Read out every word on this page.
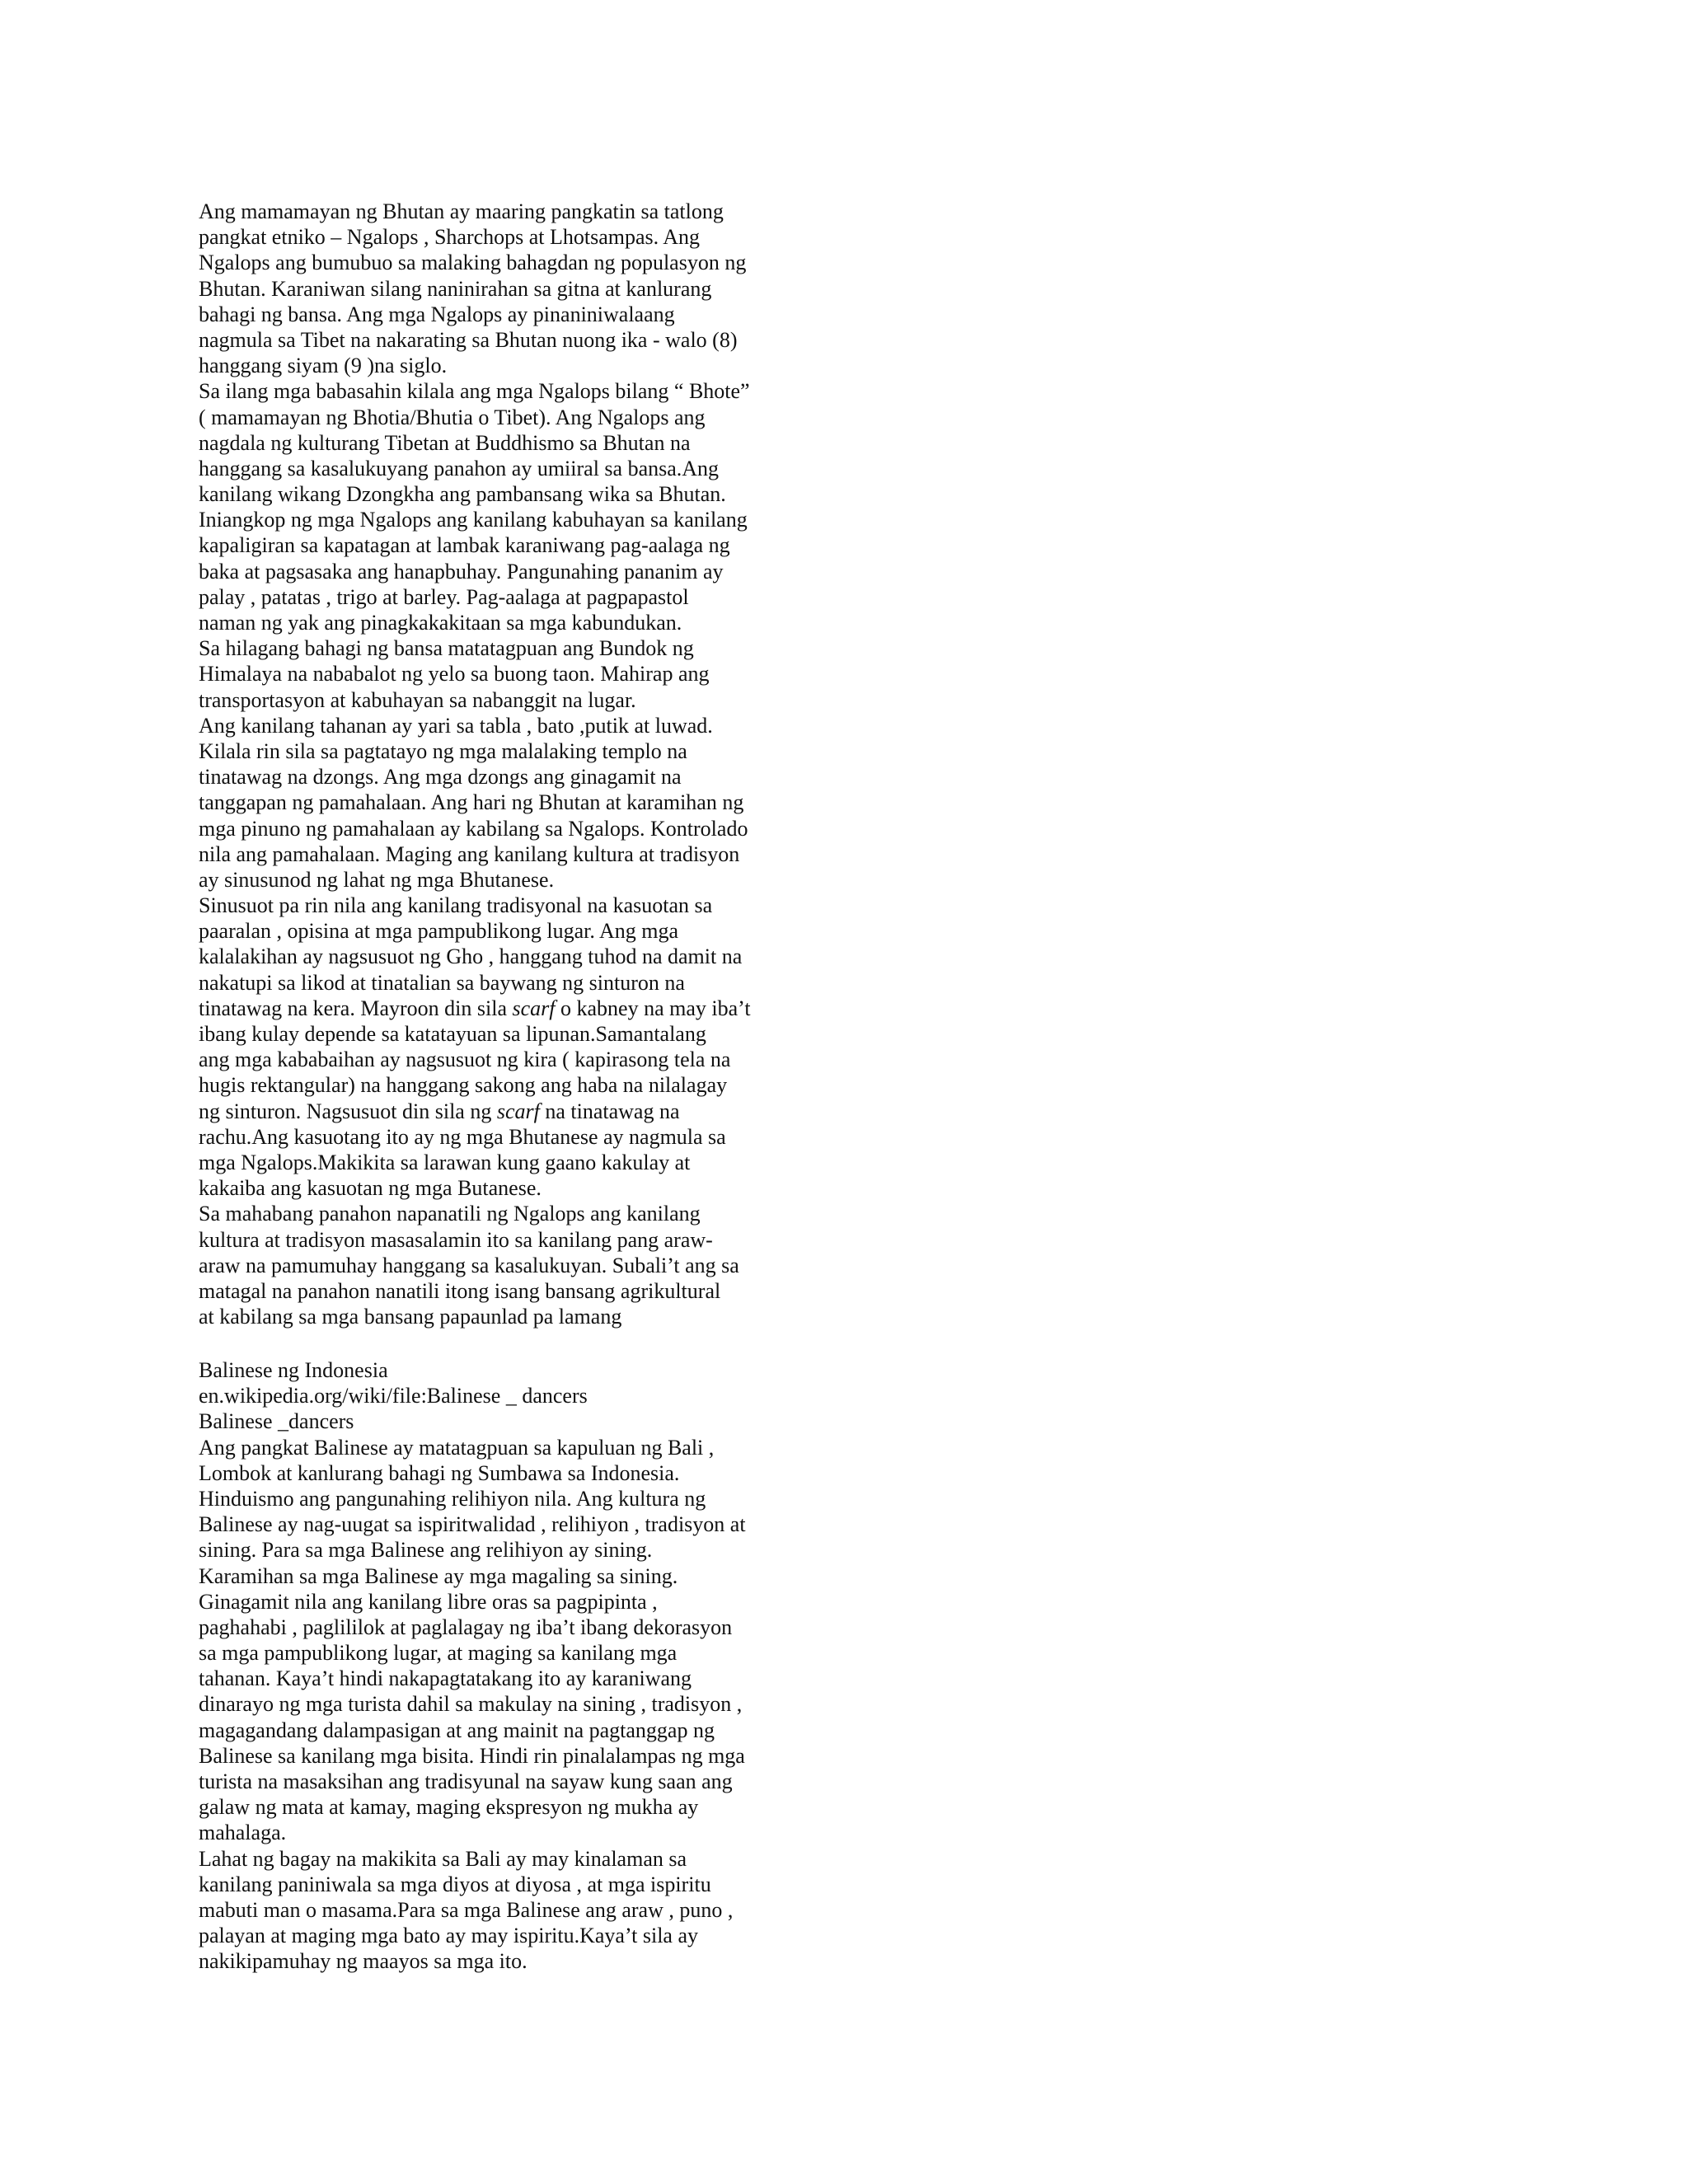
Ang mamamayan ng Bhutan ay maaring pangkatin sa tatlong
pangkat etniko – Ngalops , Sharchops at Lhotsampas. Ang
Ngalops ang bumubuo sa malaking bahagdan ng populasyon ng
Bhutan. Karaniwan silang naninirahan sa gitna at kanlurang
bahagi ng bansa. Ang mga Ngalops ay pinaniniwalaang
nagmula sa Tibet na nakarating sa Bhutan nuong ika - walo (8)
hanggang siyam (9 )na siglo.
Sa ilang mga babasahin kilala ang mga Ngalops bilang “ Bhote”
( mamamayan ng Bhotia/Bhutia o Tibet). Ang Ngalops ang
nagdala ng kulturang Tibetan at Buddhismo sa Bhutan na
hanggang sa kasalukuyang panahon ay umiiral sa bansa.Ang
kanilang wikang Dzongkha ang pambansang wika sa Bhutan.
Iniangkop ng mga Ngalops ang kanilang kabuhayan sa kanilang
kapaligiran sa kapatagan at lambak karaniwang pag-aalaga ng
baka at pagsasaka ang hanapbuhay. Pangunahing pananim ay
palay , patatas , trigo at barley. Pag-aalaga at pagpapastol
naman ng yak ang pinagkakakitaan sa mga kabundukan.
Sa hilagang bahagi ng bansa matatagpuan ang Bundok ng
Himalaya na nababalot ng yelo sa buong taon. Mahirap ang
transportasyon at kabuhayan sa nabanggit na lugar.
Ang kanilang tahanan ay yari sa tabla , bato ,putik at luwad.
Kilala rin sila sa pagtatayo ng mga malalaking templo na
tinatawag na dzongs. Ang mga dzongs ang ginagamit na
tanggapan ng pamahalaan. Ang hari ng Bhutan at karamihan ng
mga pinuno ng pamahalaan ay kabilang sa Ngalops. Kontrolado
nila ang pamahalaan. Maging ang kanilang kultura at tradisyon
ay sinusunod ng lahat ng mga Bhutanese.
Sinusuot pa rin nila ang kanilang tradisyonal na kasuotan sa
paaralan , opisina at mga pampublikong lugar. Ang mga
kalalakihan ay nagsusuot ng Gho , hanggang tuhod na damit na
nakatupi sa likod at tinatalian sa baywang ng sinturon na
tinatawag na kera. Mayroon din sila scarf o kabney na may iba’t
ibang kulay depende sa katatayuan sa lipunan.Samantalang
ang mga kababaihan ay nagsusuot ng kira ( kapirasong tela na
hugis rektangular) na hanggang sakong ang haba na nilalagay
ng sinturon. Nagsusuot din sila ng scarf na tinatawag na
rachu.Ang kasuotang ito ay ng mga Bhutanese ay nagmula sa
mga Ngalops.Makikita sa larawan kung gaano kakulay at
kakaiba ang kasuotan ng mga Butanese.
Sa mahabang panahon napanatili ng Ngalops ang kanilang
kultura at tradisyon masasalamin ito sa kanilang pang araw-
araw na pamumuhay hanggang sa kasalukuyan. Subali’t ang sa
matagal na panahon nanatili itong isang bansang agrikultural
at kabilang sa mga bansang papaunlad pa lamang
Balinese ng Indonesia
en.wikipedia.org/wiki/file:Balinese _ dancers
Balinese _dancers
Ang pangkat Balinese ay matatagpuan sa kapuluan ng Bali ,
Lombok at kanlurang bahagi ng Sumbawa sa Indonesia.
Hinduismo ang pangunahing relihiyon nila. Ang kultura ng
Balinese ay nag-uugat sa ispiritwalidad , relihiyon , tradisyon at
sining. Para sa mga Balinese ang relihiyon ay sining.
Karamihan sa mga Balinese ay mga magaling sa sining.
Ginagamit nila ang kanilang libre oras sa pagpipinta ,
paghahabi , paglililok at paglalagay ng iba’t ibang dekorasyon
sa mga pampublikong lugar, at maging sa kanilang mga
tahanan. Kaya’t hindi nakapagtatakang ito ay karaniwang
dinarayo ng mga turista dahil sa makulay na sining , tradisyon ,
magagandang dalampasigan at ang mainit na pagtanggap ng
Balinese sa kanilang mga bisita. Hindi rin pinalalampas ng mga
turista na masaksihan ang tradisyunal na sayaw kung saan ang
galaw ng mata at kamay, maging ekspresyon ng mukha ay
mahalaga.
Lahat ng bagay na makikita sa Bali ay may kinalaman sa
kanilang paniniwala sa mga diyos at diyosa , at mga ispiritu
mabuti man o masama.Para sa mga Balinese ang araw , puno ,
palayan at maging mga bato ay may ispiritu.Kaya’t sila ay
nakikipamuhay ng maayos sa mga ito.
